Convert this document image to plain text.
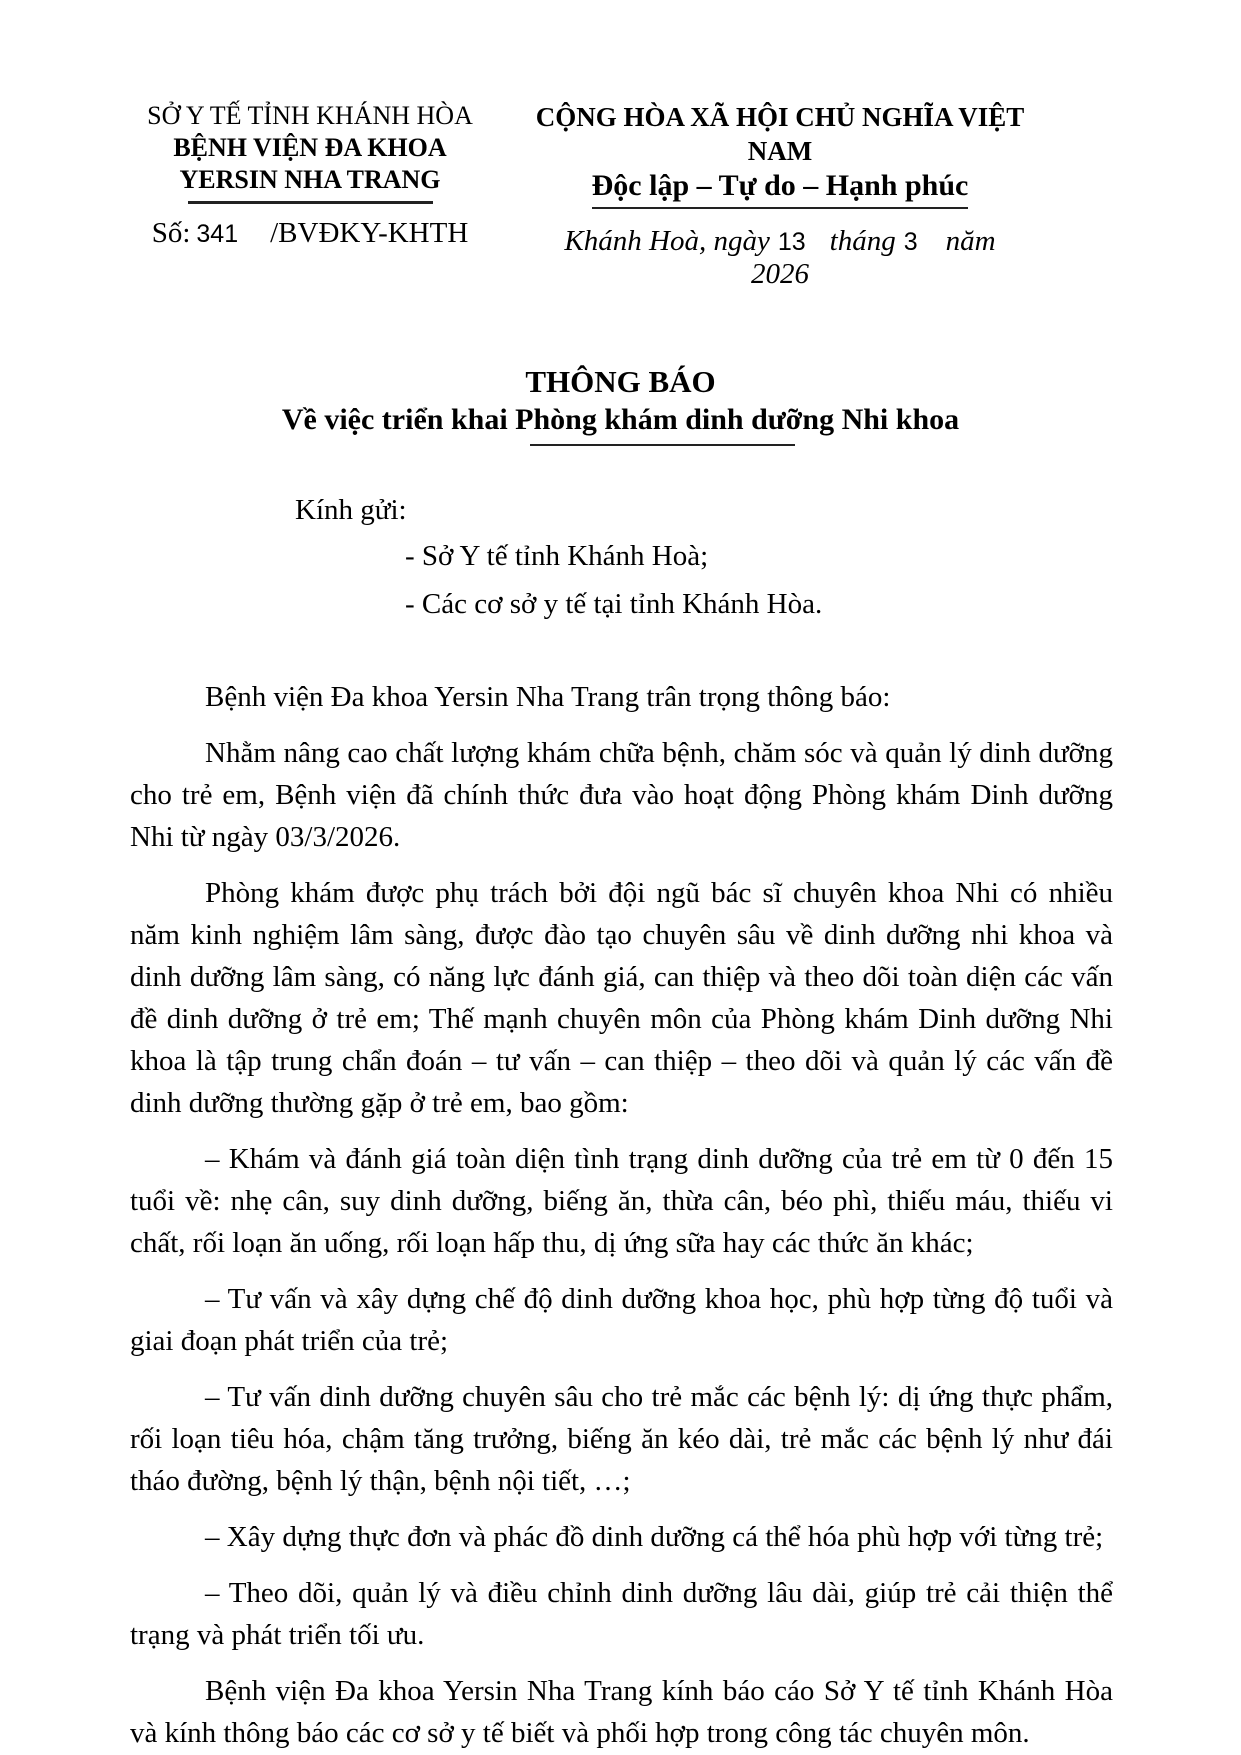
SỞ Y TẾ TỈNH KHÁNH HÒA
BỆNH VIỆN ĐA KHOA
YERSIN NHA TRANG
Số: 341 /BVĐKY-KHTH
CỘNG HÒA XÃ HỘI CHỦ NGHĨA VIỆT NAM
Độc lập – Tự do – Hạnh phúc
Khánh Hoà, ngày 13 tháng 3 năm 2026
THÔNG BÁO
Về việc triển khai Phòng khám dinh dưỡng Nhi khoa
Kính gửi:
- Sở Y tế tỉnh Khánh Hoà;
- Các cơ sở y tế tại tỉnh Khánh Hòa.

Bệnh viện Đa khoa Yersin Nha Trang trân trọng thông báo:

Nhằm nâng cao chất lượng khám chữa bệnh, chăm sóc và quản lý dinh dưỡng cho trẻ em, Bệnh viện đã chính thức đưa vào hoạt động Phòng khám Dinh dưỡng Nhi từ ngày 03/3/2026.

Phòng khám được phụ trách bởi đội ngũ bác sĩ chuyên khoa Nhi có nhiều năm kinh nghiệm lâm sàng, được đào tạo chuyên sâu về dinh dưỡng nhi khoa và dinh dưỡng lâm sàng, có năng lực đánh giá, can thiệp và theo dõi toàn diện các vấn đề dinh dưỡng ở trẻ em; Thế mạnh chuyên môn của Phòng khám Dinh dưỡng Nhi khoa là tập trung chẩn đoán – tư vấn – can thiệp – theo dõi và quản lý các vấn đề dinh dưỡng thường gặp ở trẻ em, bao gồm:

– Khám và đánh giá toàn diện tình trạng dinh dưỡng của trẻ em từ 0 đến 15 tuổi về: nhẹ cân, suy dinh dưỡng, biếng ăn, thừa cân, béo phì, thiếu máu, thiếu vi chất, rối loạn ăn uống, rối loạn hấp thu, dị ứng sữa hay các thức ăn khác;

– Tư vấn và xây dựng chế độ dinh dưỡng khoa học, phù hợp từng độ tuổi và giai đoạn phát triển của trẻ;

– Tư vấn dinh dưỡng chuyên sâu cho trẻ mắc các bệnh lý: dị ứng thực phẩm, rối loạn tiêu hóa, chậm tăng trưởng, biếng ăn kéo dài, trẻ mắc các bệnh lý như đái tháo đường, bệnh lý thận, bệnh nội tiết, …;

– Xây dựng thực đơn và phác đồ dinh dưỡng cá thể hóa phù hợp với từng trẻ;

– Theo dõi, quản lý và điều chỉnh dinh dưỡng lâu dài, giúp trẻ cải thiện thể trạng và phát triển tối ưu.

Bệnh viện Đa khoa Yersin Nha Trang kính báo cáo Sở Y tế tỉnh Khánh Hòa và kính thông báo các cơ sở y tế biết và phối hợp trong công tác chuyên môn.
